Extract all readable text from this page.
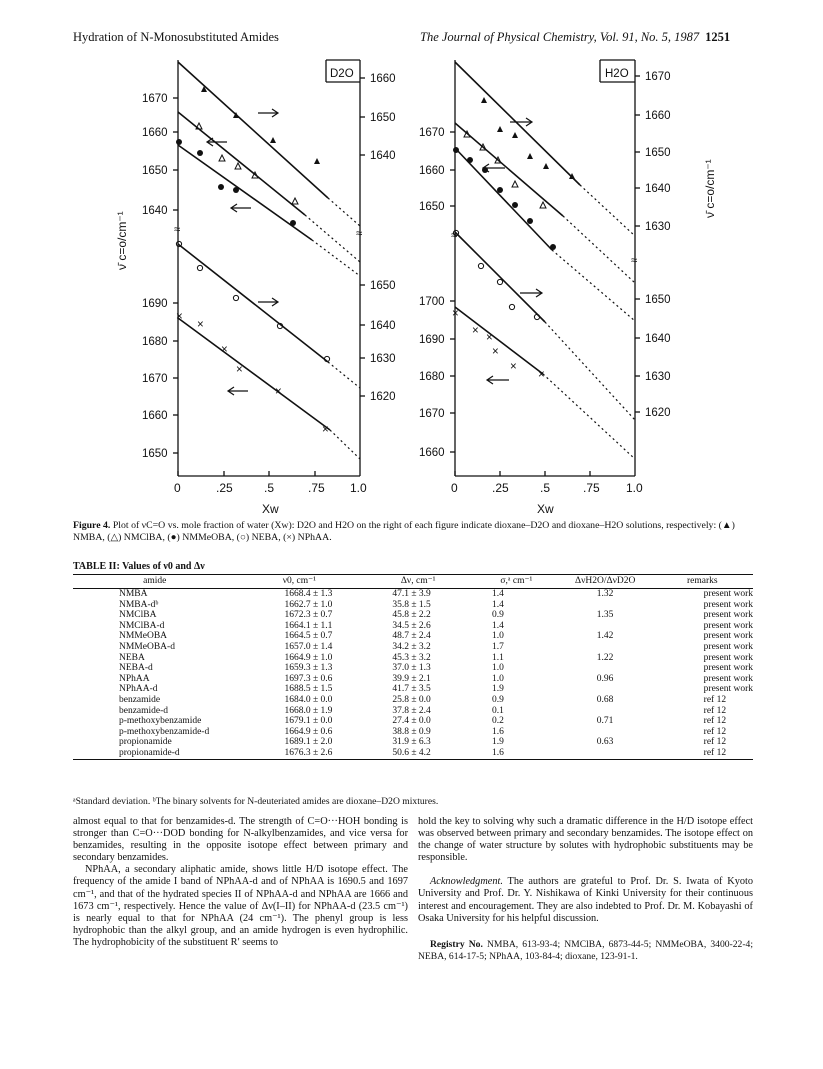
Hydration of N-Monosubstituted Amides	The Journal of Physical Chemistry, Vol. 91, No. 5, 1987 1251
D2O
≈	≈
1670
1660
1650
1640
1660
1650
1640
1690
1680
1670
1660
1650
1650
1640
1630
1620
0	.25	.5	.75 1.0
Xw
×
×
×
×
×
×
ν̄ c=o/cm⁻¹
H2O
≈
≈
1670
1660
1650
1670
1660
1650
1640
1630
1700
1690
1680
1670
1660
1650
1640
1630
1620
0	.25	.5	.75 1.0
Xw
×
×
×
×
×
×
ν̄ c=o/cm⁻¹
Figure 4. Plot of νC=O vs. mole fraction of water (Xw): D2O and H2O on the right of each figure indicate dioxane–D2O and dioxane–H2O solutions, respectively: (▲) NMBA, (△) NMClBA, (●) NMMeOBA, (○) NEBA, (×) NPhAA.
TABLE II: Values of ν0 and Δν
amide	ν0, cm⁻¹	Δν, cm⁻¹	σ,ᵃ cm⁻¹	ΔνH2O/ΔνD2O	remarks
NMBA	1668.4 ± 1.3	47.1 ± 3.9	1.4	1.32	present work
NMBA-dᵇ	1662.7 ± 1.0	35.8 ± 1.5	1.4		present work
NMClBA	1672.3 ± 0.7	45.8 ± 2.2	0.9	1.35	present work
NMClBA-d	1664.1 ± 1.1	34.5 ± 2.6	1.4		present work
NMMeOBA	1664.5 ± 0.7	48.7 ± 2.4	1.0	1.42	present work
NMMeOBA-d	1657.0 ± 1.4	34.2 ± 3.2	1.7		present work
NEBA	1664.9 ± 1.0	45.3 ± 3.2	1.1	1.22	present work
NEBA-d	1659.3 ± 1.3	37.0 ± 1.3	1.0		present work
NPhAA	1697.3 ± 0.6	39.9 ± 2.1	1.0	0.96	present work
NPhAA-d	1688.5 ± 1.5	41.7 ± 3.5	1.9		present work
benzamide	1684.0 ± 0.0	25.8 ± 0.0	0.9	0.68	ref 12
benzamide-d	1668.0 ± 1.9	37.8 ± 2.4	0.1		ref 12
p-methoxybenzamide	1679.1 ± 0.0	27.4 ± 0.0	0.2	0.71	ref 12
p-methoxybenzamide-d	1664.9 ± 0.6	38.8 ± 0.9	1.6		ref 12
propionamide	1689.1 ± 2.0	31.9 ± 6.3	1.9	0.63	ref 12
propionamide-d	1676.3 ± 2.6	50.6 ± 4.2	1.6		ref 12
ᵃStandard deviation. ᵇThe binary solvents for N-deuteriated amides are dioxane–D2O mixtures.

almost equal to that for benzamides-d. The strength of C=O···HOH bonding is stronger than C=O···DOD bonding for N-alkylbenzamides, and vice versa for benzamides, resulting in the opposite isotope effect between primary and secondary benzamides.

NPhAA, a secondary aliphatic amide, shows little H/D isotope effect. The frequency of the amide I band of NPhAA-d and of NPhAA is 1690.5 and 1697 cm⁻¹, and that of the hydrated species II of NPhAA-d and NPhAA are 1666 and 1673 cm⁻¹, respectively. Hence the value of Δν(I–II) for NPhAA-d (23.5 cm⁻¹) is nearly equal to that for NPhAA (24 cm⁻¹). The phenyl group is less hydrophobic than the alkyl group, and an amide hydrogen is even hydrophilic. The hydrophobicity of the substituent R′ seems to

hold the key to solving why such a dramatic difference in the H/D isotope effect was observed between primary and secondary benzamides. The isotope effect on the change of water structure by solutes with hydrophobic substituents may be responsible.

Acknowledgment. The authors are grateful to Prof. Dr. S. Iwata of Kyoto University and Prof. Dr. Y. Nishikawa of Kinki University for their continuous interest and encouragement. They are also indebted to Prof. Dr. M. Kobayashi of Osaka University for his helpful discussion.

Registry No. NMBA, 613-93-4; NMClBA, 6873-44-5; NMMeOBA, 3400-22-4; NEBA, 614-17-5; NPhAA, 103-84-4; dioxane, 123-91-1.
